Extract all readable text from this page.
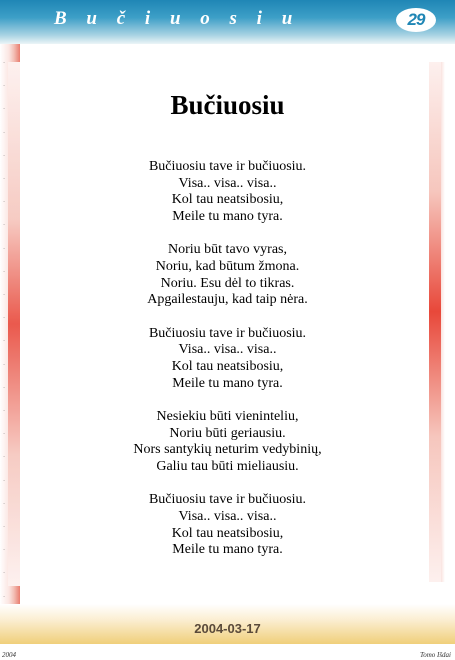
B u č i u o s i u	29
·
·
·
·
·
·
·
·
·
·
·
·
·
·
·
·
·
·
·
·
·
·
·
·
Bučiuosiu
Bučiuosiu tave ir bučiuosiu.
Visa.. visa.. visa..
Kol tau neatsibosiu,
Meile tu mano tyra.
Noriu būt tavo vyras,
Noriu, kad būtum žmona.
Noriu. Esu dėl to tikras.
Apgailestauju, kad taip nėra.
Bučiuosiu tave ir bučiuosiu.
Visa.. visa.. visa..
Kol tau neatsibosiu,
Meile tu mano tyra.
Nesiekiu būti vieninteliu,
Noriu būti geriausiu.
Nors santykių neturim vedybinių,
Galiu tau būti mieliausiu.
Bučiuosiu tave ir bučiuosiu.
Visa.. visa.. visa..
Kol tau neatsibosiu,
Meile tu mano tyra.
2004-03-17
2004	Tomo Išdai
